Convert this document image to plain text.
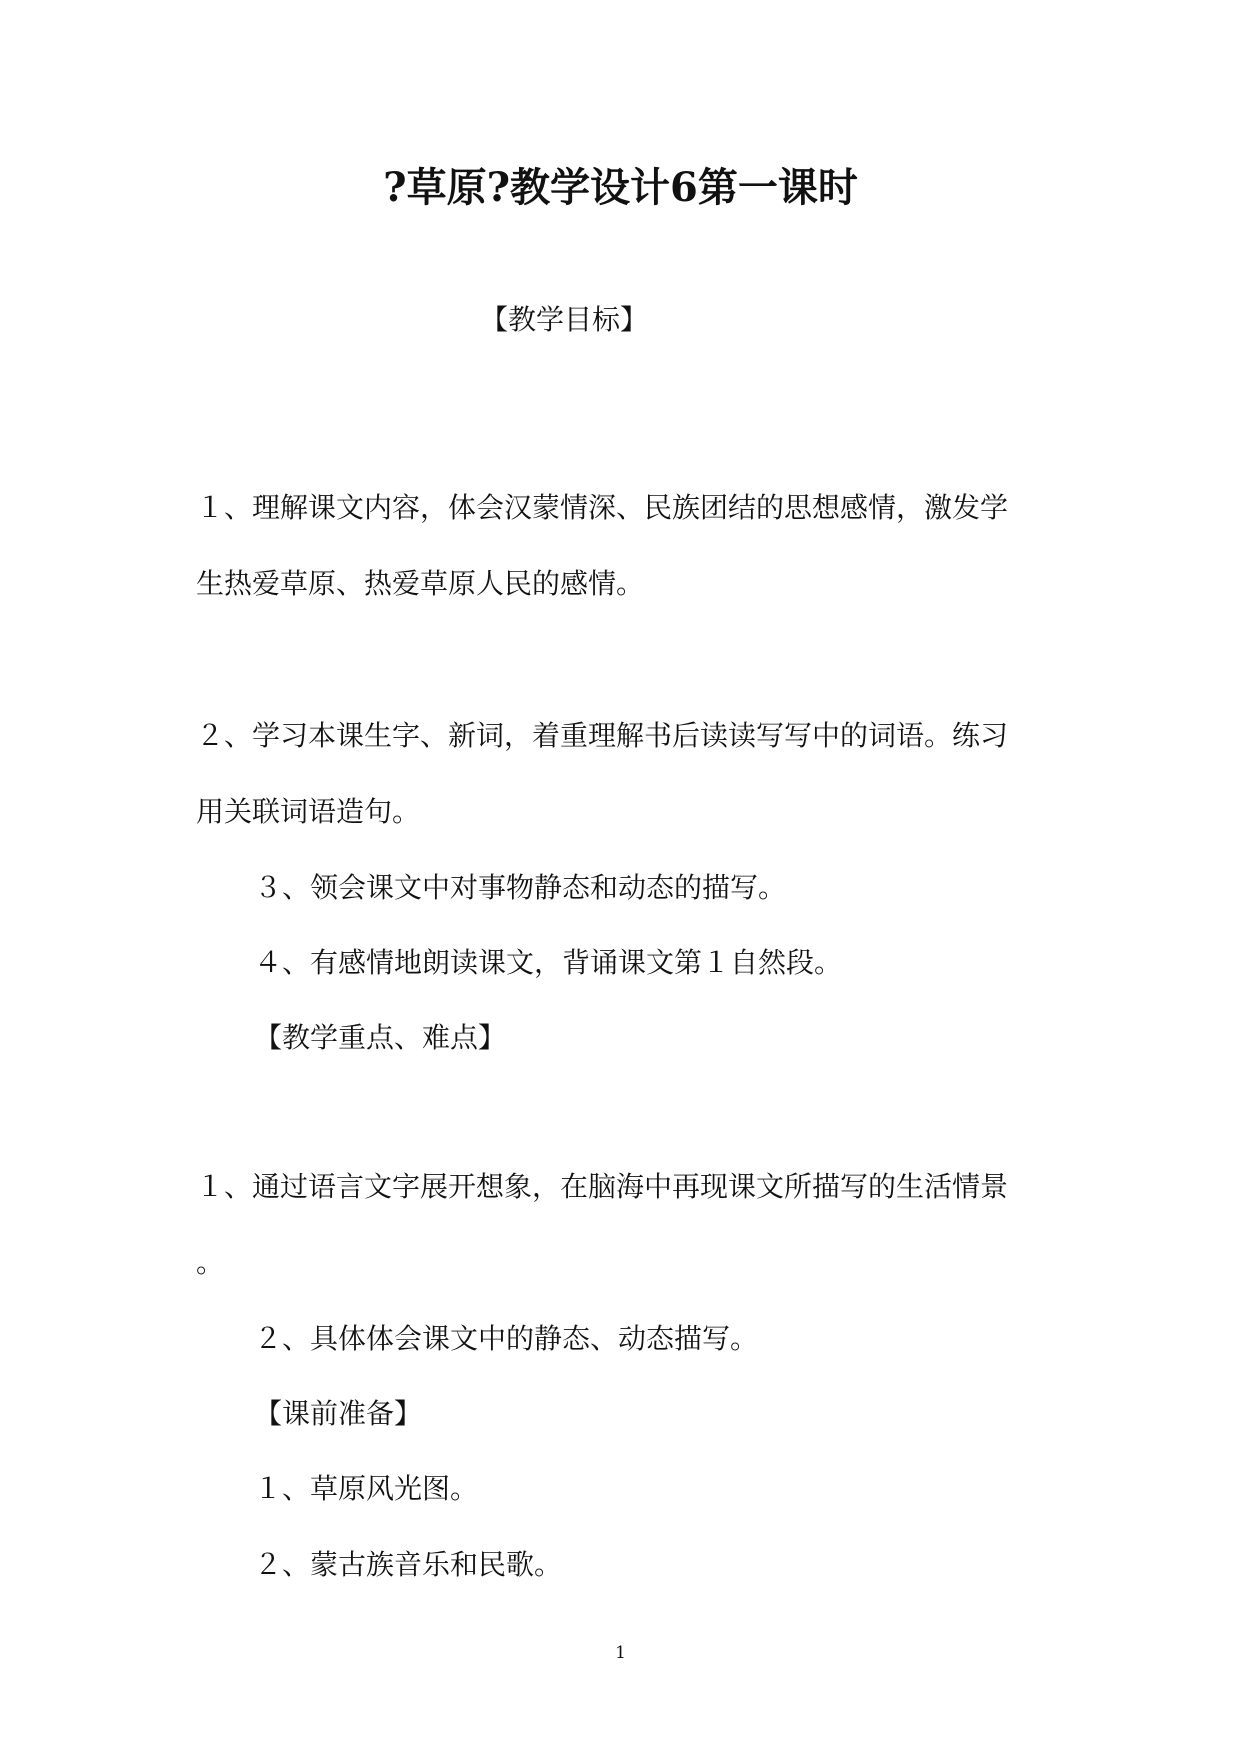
?草原?教学设计6第一课时
【教学目标】
１、理解课文内容，体会汉蒙情深、民族团结的思想感情，激发学
生热爱草原、热爱草原人民的感情。
２、学习本课生字、新词，着重理解书后读读写写中的词语。练习
用关联词语造句。
３、领会课文中对事物静态和动态的描写。
４、有感情地朗读课文，背诵课文第１自然段。
【教学重点、难点】
１、通过语言文字展开想象，在脑海中再现课文所描写的生活情景
。
２、具体体会课文中的静态、动态描写。
【课前准备】
１、草原风光图。
２、蒙古族音乐和民歌。
1
